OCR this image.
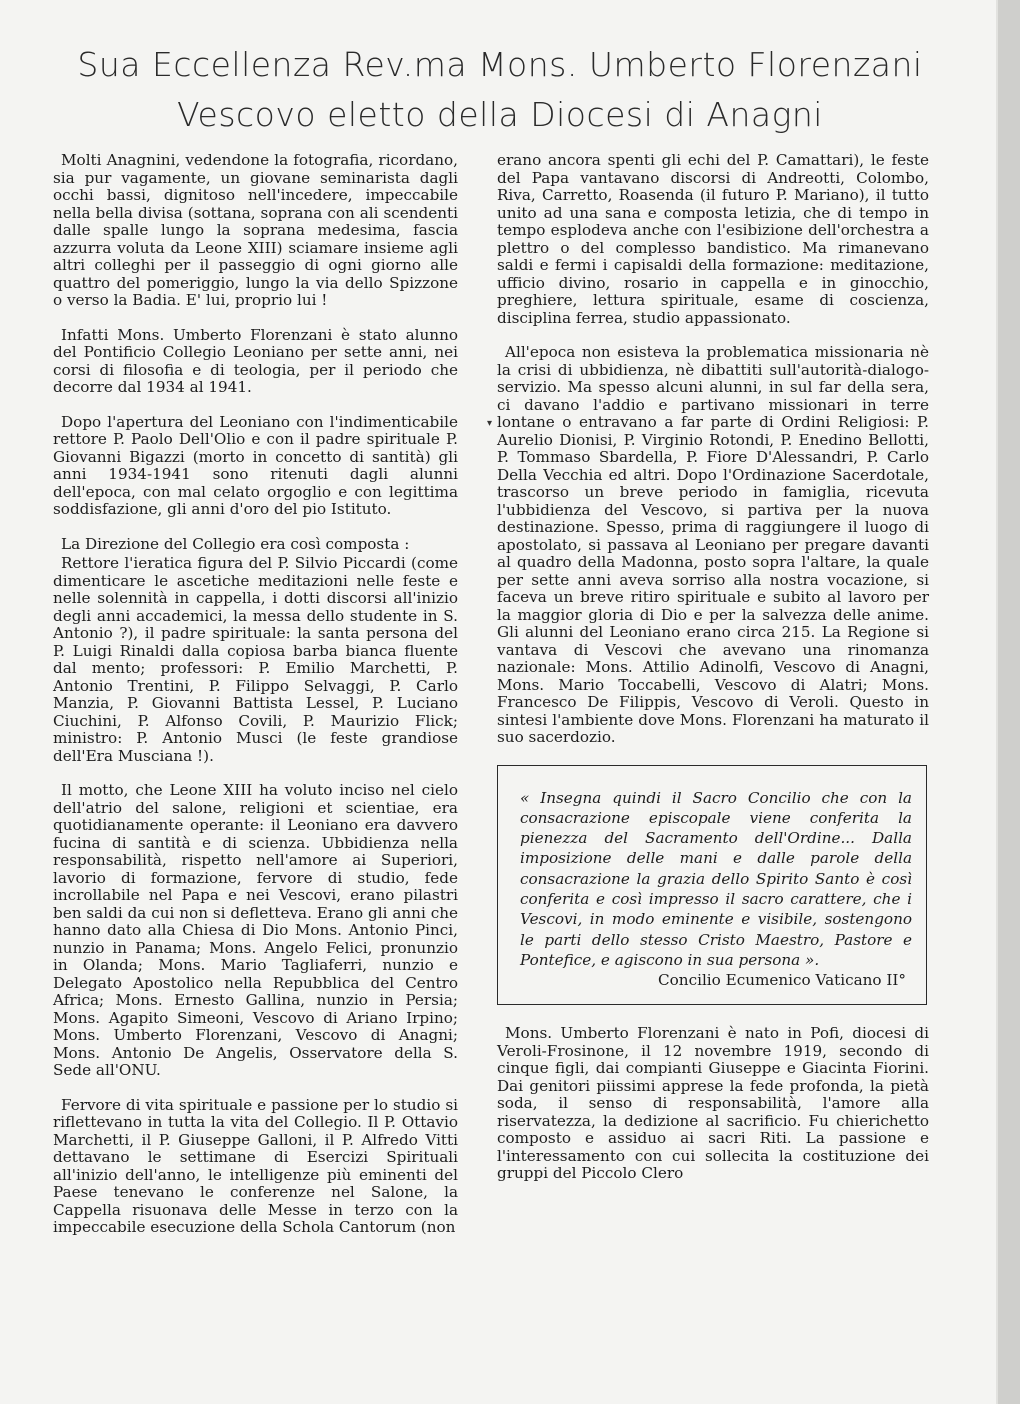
Sua Eccellenza Rev.ma Mons. Umberto Florenzani
Vescovo eletto della Diocesi di Anagni

Molti Anagnini, vedendone la fotografia, ricordano, sia pur vagamente, un giovane seminarista dagli occhi bassi, dignitoso nell'incedere, impeccabile nella bella divisa (sottana, soprana con ali scendenti dalle spalle lungo la soprana medesima, fascia azzurra voluta da Leone XIII) sciamare insieme agli altri colleghi per il passeggio di ogni giorno alle quattro del pomeriggio, lungo la via dello Spizzone o verso la Badia. E' lui, proprio lui !

Infatti Mons. Umberto Florenzani è stato alunno del Pontificio Collegio Leoniano per sette anni, nei corsi di filosofia e di teologia, per il periodo che decorre dal 1934 al 1941.

Dopo l'apertura del Leoniano con l'indimenticabile rettore P. Paolo Dell'Olio e con il padre spirituale P. Giovanni Bigazzi (morto in concetto di santità) gli anni 1934-1941 sono ritenuti dagli alunni dell'epoca, con mal celato orgoglio e con legittima soddisfazione, gli anni d'oro del pio Istituto.

La Direzione del Collegio era così composta :

Rettore l'ieratica figura del P. Silvio Piccardi (come dimenticare le ascetiche meditazioni nelle feste e nelle solennità in cappella, i dotti discorsi all'inizio degli anni accademici, la messa dello studente in S. Antonio ?), il padre spirituale: la santa persona del P. Luigi Rinaldi dalla copiosa barba bianca fluente dal mento; professori: P. Emilio Marchetti, P. Antonio Trentini, P. Filippo Selvaggi, P. Carlo Manzia, P. Giovanni Battista Lessel, P. Luciano Ciuchini, P. Alfonso Covili, P. Maurizio Flick; ministro: P. Antonio Musci (le feste grandiose dell'Era Musciana !).

Il motto, che Leone XIII ha voluto inciso nel cielo dell'atrio del salone, religioni et scientiae, era quotidianamente operante: il Leoniano era davvero fucina di santità e di scienza. Ubbidienza nella responsabilità, rispetto nell'amore ai Superiori, lavorio di formazione, fervore di studio, fede incrollabile nel Papa e nei Vescovi, erano pilastri ben saldi da cui non si deflettevа. Erano gli anni che hanno dato alla Chiesa di Dio Mons. Antonio Pinci, nunzio in Panama; Mons. Angelo Felici, pronunzio in Olanda; Mons. Mario Tagliaferri, nunzio e Delegato Apostolico nella Repubblica del Centro Africa; Mons. Ernesto Gallina, nunzio in Persia; Mons. Agapito Simeoni, Vescovo di Ariano Irpino; Mons. Umberto Florenzani, Vescovo di Anagni; Mons. Antonio De Angelis, Osservatore della S. Sede all'ONU.

Fervore di vita spirituale e passione per lo studio si riflettevano in tutta la vita del Collegio. Il P. Ottavio Marchetti, il P. Giuseppe Galloni, il P. Alfredo Vitti dettavano le settimane di Esercizi Spirituali all'inizio dell'anno, le intelligenze più eminenti del Paese tenevano le conferenze nel Salone, la Cappella risuonava delle Messe in terzo con la impeccabile esecuzione della Schola Cantorum (non

▾

erano ancora spenti gli echi del P. Camattari), le feste del Papa vantavano discorsi di Andreotti, Colombo, Riva, Carretto, Roasenda (il futuro P. Mariano), il tutto unito ad una sana e composta letizia, che di tempo in tempo esplodeva anche con l'esibizione dell'orchestra a plettro o del complesso bandistico. Ma rimanevano saldi e fermi i capisaldi della formazione: meditazione, ufficio divino, rosario in cappella e in ginocchio, preghiere, lettura spirituale, esame di coscienza, disciplina ferrea, studio appassionato.

All'epoca non esisteva la problematica missionaria nè la crisi di ubbidienza, nè dibattiti sull'autorità-dialogo-servizio. Ma spesso alcuni alunni, in sul far della sera, ci davano l'addio e partivano missionari in terre lontane o entravano a far parte di Ordini Religiosi: P. Aurelio Dionisi, P. Virginio Rotondi, P. Enedino Bellotti, P. Tommaso Sbardella, P. Fiore D'Alessandri, P. Carlo Della Vecchia ed altri. Dopo l'Ordinazione Sacerdotale, trascorso un breve periodo in famiglia, ricevuta l'ubbidienza del Vescovo, si partiva per la nuova destinazione. Spesso, prima di raggiungere il luogo di apostolato, si passava al Leoniano per pregare davanti al quadro della Madonna, posto sopra l'altare, la quale per sette anni aveva sorriso alla nostra vocazione, si faceva un breve ritiro spirituale e subito al lavoro per la maggior gloria di Dio e per la salvezza delle anime. Gli alunni del Leoniano erano circa 215. La Regione si vantava di Vescovi che avevano una rinomanza nazionale: Mons. Attilio Adinolfi, Vescovo di Anagni, Mons. Mario Toccabelli, Vescovo di Alatri; Mons. Francesco De Filippis, Vescovo di Veroli. Questo in sintesi l'ambiente dove Mons. Florenzani ha maturato il suo sacerdozio.

« Insegna quindi il Sacro Concilio che con la consacrazione episcopale viene conferita la pienezza del Sacramento dell'Ordine... Dalla imposizione delle mani e dalle parole della consacrazione la grazia dello Spirito Santo è così conferita e così impresso il sacro carattere, che i Vescovi, in modo eminente e visibile, sostengono le parti dello stesso Cristo Maestro, Pastore e Pontefice, e agiscono in sua persona ».
Concilio Ecumenico Vaticano II°

Mons. Umberto Florenzani è nato in Pofi, diocesi di Veroli-Frosinone, il 12 novembre 1919, secondo di cinque figli, dai compianti Giuseppe e Giacinta Fiorini. Dai genitori piissimi apprese la fede profonda, la pietà soda, il senso di responsabilità, l'amore alla riservatezza, la dedizione al sacrificio. Fu chierichetto composto e assiduo ai sacri Riti. La passione e l'interessamento con cui sollecita la costituzione dei gruppi del Piccolo Clero
